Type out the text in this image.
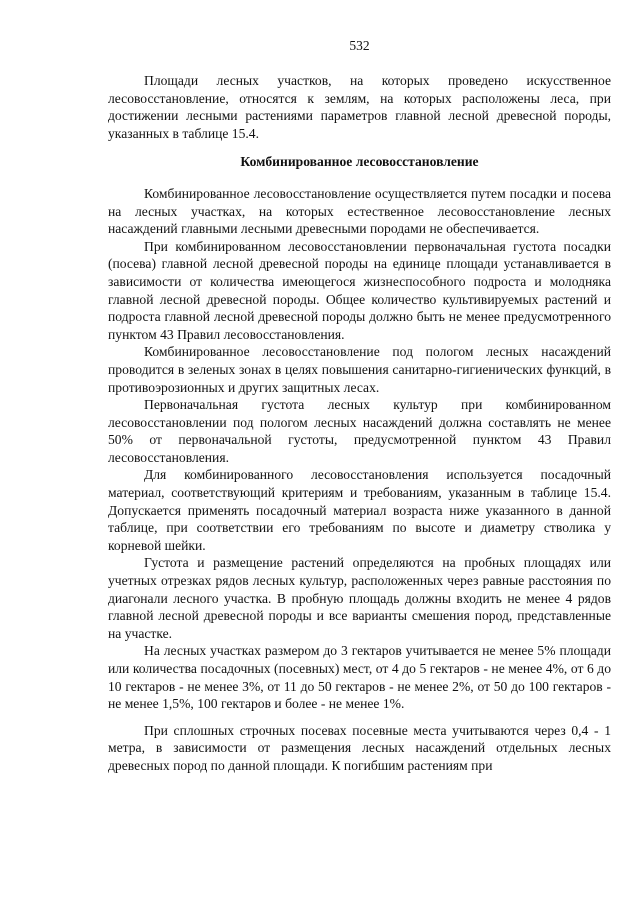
532

Площади лесных участков, на которых проведено искусственное лесовосстановление, относятся к землям, на которых расположены леса, при достижении лесными растениями параметров главной лесной древесной породы, указанных в таблице 15.4.

Комбинированное лесовосстановление

Комбинированное лесовосстановление осуществляется путем посадки и посева на лесных участках, на которых естественное лесовосстановление лесных насаждений главными лесными древесными породами не обеспечивается.

При комбинированном лесовосстановлении первоначальная густота посадки (посева) главной лесной древесной породы на единице площади устанавливается в зависимости от количества имеющегося жизнеспособного подроста и молодняка главной лесной древесной породы. Общее количество культивируемых растений и подроста главной лесной древесной породы должно быть не менее предусмотренного пунктом 43 Правил лесовосстановления.

Комбинированное лесовосстановление под пологом лесных насаждений проводится в зеленых зонах в целях повышения санитарно-гигиенических функций, в противоэрозионных и других защитных лесах.

Первоначальная густота лесных культур при комбинированном лесовосстановлении под пологом лесных насаждений должна составлять не менее 50% от первоначальной густоты, предусмотренной пунктом 43 Правил лесовосстановления.

Для комбинированного лесовосстановления используется посадочный материал, соответствующий критериям и требованиям, указанным в таблице 15.4. Допускается применять посадочный материал возраста ниже указанного в данной таблице, при соответствии его требованиям по высоте и диаметру стволика у корневой шейки.

Густота и размещение растений определяются на пробных площадях или учетных отрезках рядов лесных культур, расположенных через равные расстояния по диагонали лесного участка. В пробную площадь должны входить не менее 4 рядов главной лесной древесной породы и все варианты смешения пород, представленные на участке.

На лесных участках размером до 3 гектаров учитывается не менее 5% площади или количества посадочных (посевных) мест, от 4 до 5 гектаров - не менее 4%, от 6 до 10 гектаров - не менее 3%, от 11 до 50 гектаров - не менее 2%, от 50 до 100 гектаров - не менее 1,5%, 100 гектаров и более - не менее 1%.

При сплошных строчных посевах посевные места учитываются через 0,4 - 1 метра, в зависимости от размещения лесных насаждений отдельных лесных древесных пород по данной площади. К погибшим растениям при
